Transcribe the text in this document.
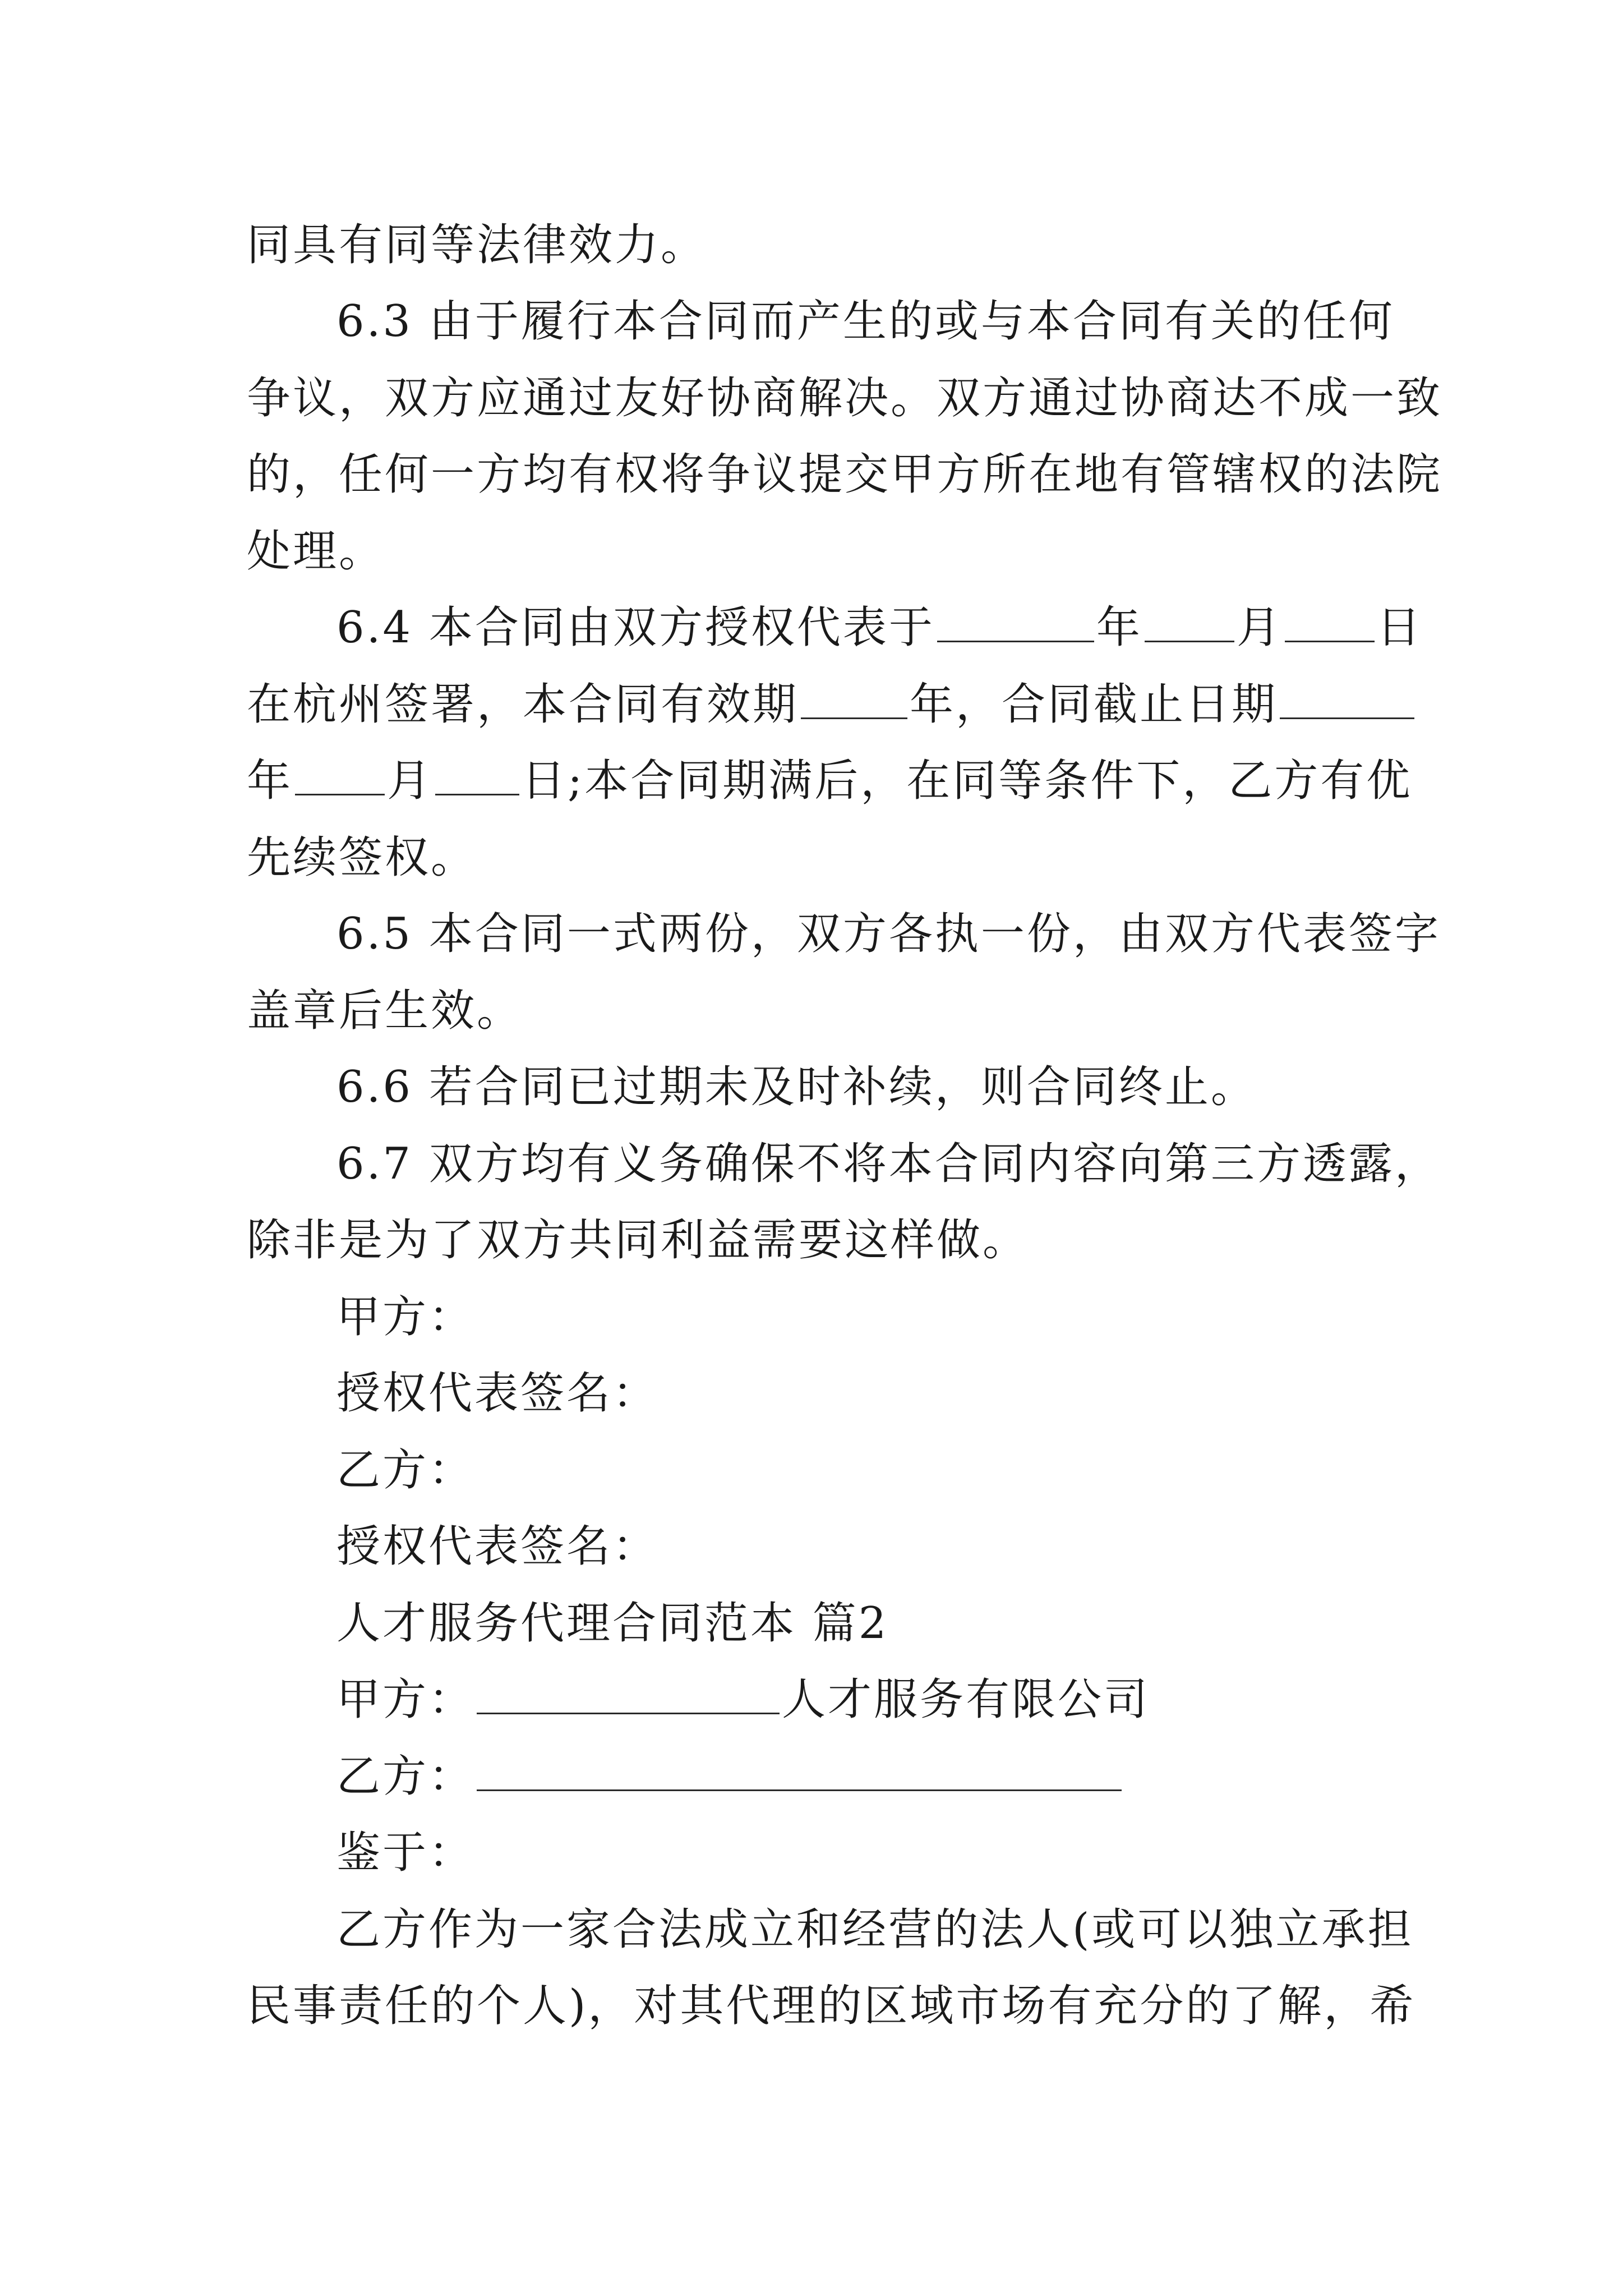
同具有同等法律效力。
6.3 由于履行本合同而产生的或与本合同有关的任何
争议，双方应通过友好协商解决。双方通过协商达不成一致
的，任何一方均有权将争议提交甲方所在地有管辖权的法院
处理。
6.4 本合同由双方授权代表于	年 月 日
在杭州签署，本合同有效期	年，合同截止日期
年 月 日;本合同期满后，在同等条件下，乙方有优
先续签权。
6.5 本合同一式两份，双方各执一份，由双方代表签字
盖章后生效。
6.6 若合同已过期未及时补续，则合同终止。
6.7 双方均有义务确保不将本合同内容向第三方透露，
除非是为了双方共同利益需要这样做。
甲方：
授权代表签名：
乙方：
授权代表签名：
人才服务代理合同范本 篇2
甲方：	人才服务有限公司
乙方：
鉴于：
乙方作为一家合法成立和经营的法人(或可以独立承担
民事责任的个人)，对其代理的区域市场有充分的了解，希
